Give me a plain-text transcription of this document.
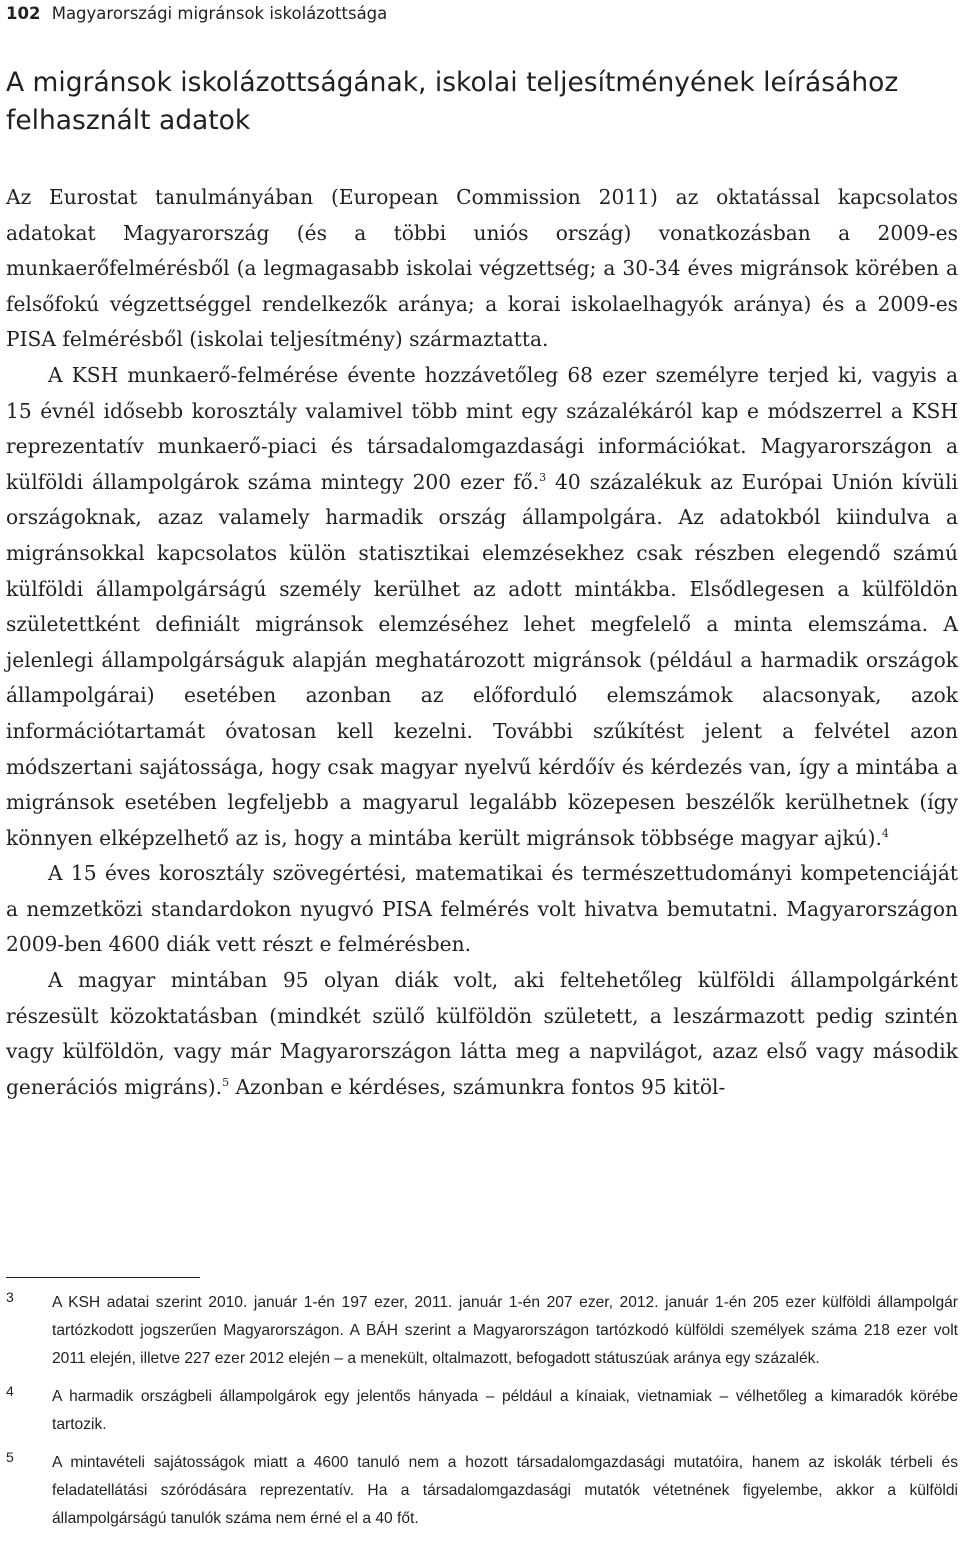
102 Magyarországi migránsok iskolázottsága
A migránsok iskolázottságának, iskolai teljesítményének leírásához felhasznált adatok

Az Eurostat tanulmányában (European Commission 2011) az oktatással kapcsolatos adatokat Magyarország (és a többi uniós ország) vonatkozásban a 2009-es munkaerőfelmérésből (a legmagasabb iskolai végzettség; a 30-34 éves migránsok körében a felsőfokú végzettséggel rendelkezők aránya; a korai iskolaelhagyók aránya) és a 2009-es PISA felmérésből (iskolai teljesítmény) származtatta.

A KSH munkaerő-felmérése évente hozzávetőleg 68 ezer személyre terjed ki, vagyis a 15 évnél idősebb korosztály valamivel több mint egy százalékáról kap e módszerrel a KSH reprezentatív munkaerő-piaci és társadalomgazdasági információkat. Magyarországon a külföldi állampolgárok száma mintegy 200 ezer fő.$^3$ 40 százalékuk az Európai Unión kívüli országoknak, azaz valamely harmadik ország állampolgára. Az adatokból kiindulva a migránsokkal kapcsolatos külön statisztikai elemzésekhez csak részben elegendő számú külföldi állampolgárságú személy kerülhet az adott mintákba. Elsődlegesen a külföldön születettként definiált migránsok elemzéséhez lehet megfelelő a minta elemszáma. A jelenlegi állampolgárságuk alapján meghatározott migránsok (például a harmadik országok állampolgárai) esetében azonban az előforduló elemszámok alacsonyak, azok információtartamát óvatosan kell kezelni. További szűkítést jelent a felvétel azon módszertani sajátossága, hogy csak magyar nyelvű kérdőív és kérdezés van, így a mintába a migránsok esetében legfeljebb a magyarul legalább közepesen beszélők kerülhetnek (így könnyen elképzelhető az is, hogy a mintába került migránsok többsége magyar ajkú).$^4$

A 15 éves korosztály szövegértési, matematikai és természettudományi kompetenciáját a nemzetközi standardokon nyugvó PISA felmérés volt hivatva bemutatni. Magyarországon 2009-ben 4600 diák vett részt e felmérésben.

A magyar mintában 95 olyan diák volt, aki feltehetőleg külföldi állampolgárként részesült közoktatásban (mindkét szülő külföldön született, a leszármazott pedig szintén vagy külföldön, vagy már Magyarországon látta meg a napvilágot, azaz első vagy második generációs migráns).$^5$ Azonban e kérdéses, számunkra fontos 95 kitöl-

3 A KSH adatai szerint 2010. január 1-én 197 ezer, 2011. január 1-én 207 ezer, 2012. január 1-én 205 ezer külföldi állampolgár tartózkodott jogszerűen Magyarországon. A BÁH szerint a Magyarországon tartózkodó külföldi személyek száma 218 ezer volt 2011 elején, illetve 227 ezer 2012 elején – a menekült, oltalmazott, befogadott státuszúak aránya egy százalék.
4 A harmadik országbeli állampolgárok egy jelentős hányada – például a kínaiak, vietnamiak – vélhetőleg a kimaradók körébe tartozik.
5 A mintavételi sajátosságok miatt a 4600 tanuló nem a hozott társadalomgazdasági mutatóira, hanem az iskolák térbeli és feladatellátási szóródására reprezentatív. Ha a társadalomgazdasági mutatók vétetnének figyelembe, akkor a külföldi állampolgárságú tanulók száma nem érné el a 40 főt.
